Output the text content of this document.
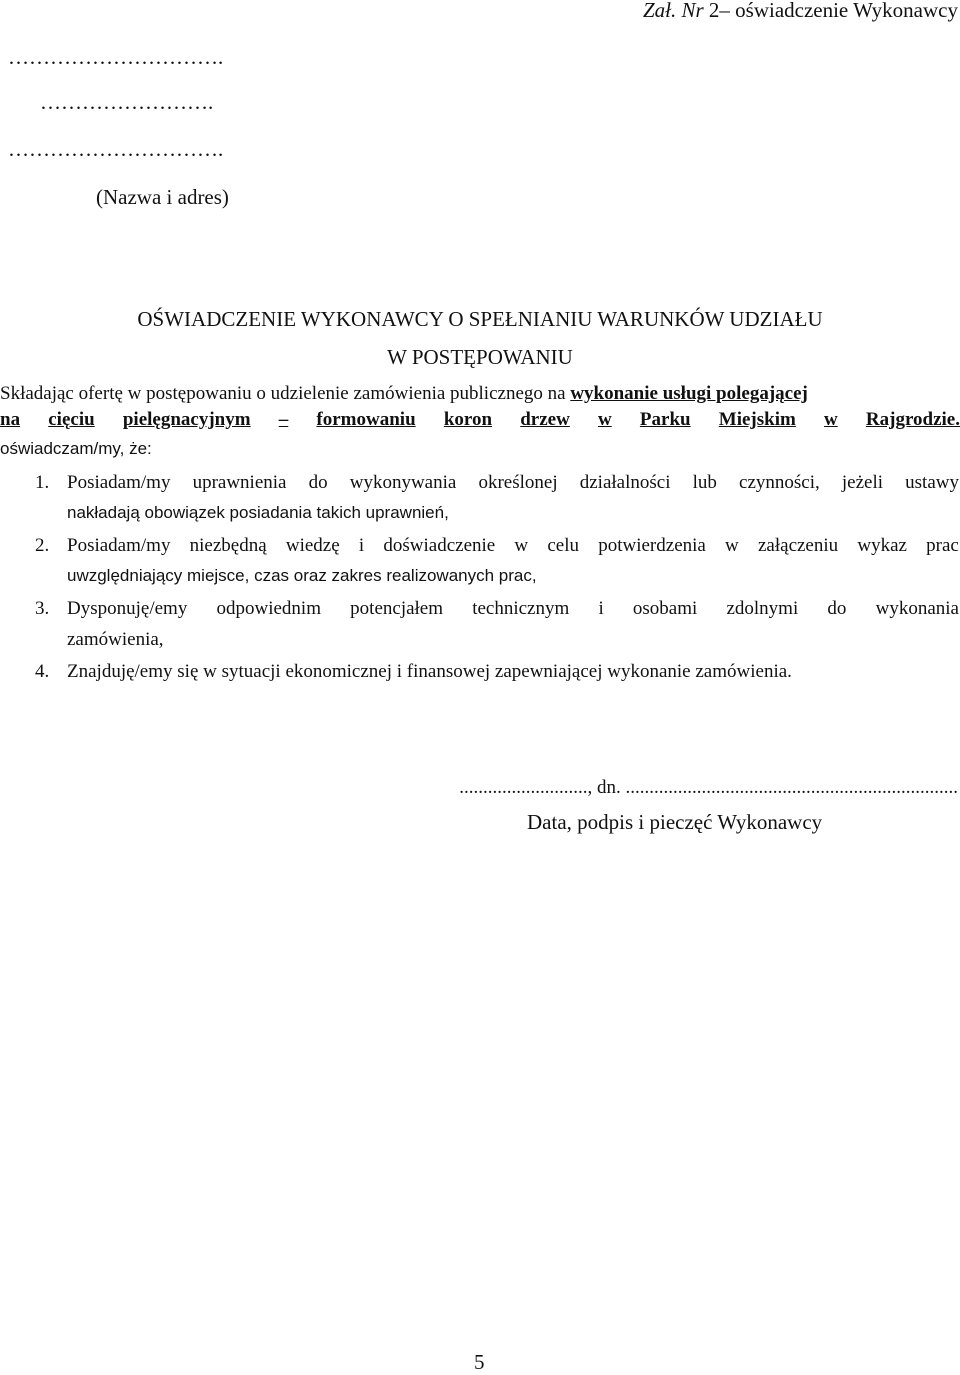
Zał. Nr 2– oświadczenie Wykonawcy
………………………….
…………………….
………………………….
(Nazwa i adres)
OŚWIADCZENIE WYKONAWCY O SPEŁNIANIU WARUNKÓW UDZIAŁU
W POSTĘPOWANIU
Składając ofertę w postępowaniu o udzielenie zamówienia publicznego na wykonanie usługi polegającej
na cięciu pielęgnacyjnym – formowaniu koron drzew w Parku Miejskim w Rajgrodzie.
oświadczam/my, że:
1. Posiadam/my uprawnienia do wykonywania określonej działalności lub czynności, jeżeli ustawy
nakładają obowiązek posiadania takich uprawnień,
2. Posiadam/my niezbędną wiedzę i doświadczenie w celu potwierdzenia w załączeniu wykaz prac
uwzględniający miejsce, czas oraz zakres realizowanych prac,
3. Dysponuję/emy odpowiednim potencjałem technicznym i osobami zdolnymi do wykonania
zamówienia,
4. Znajduję/emy się w sytuacji ekonomicznej i finansowej zapewniającej wykonanie zamówienia.
..........................., dn. ......................................................................
Data, podpis i pieczęć Wykonawcy
5
